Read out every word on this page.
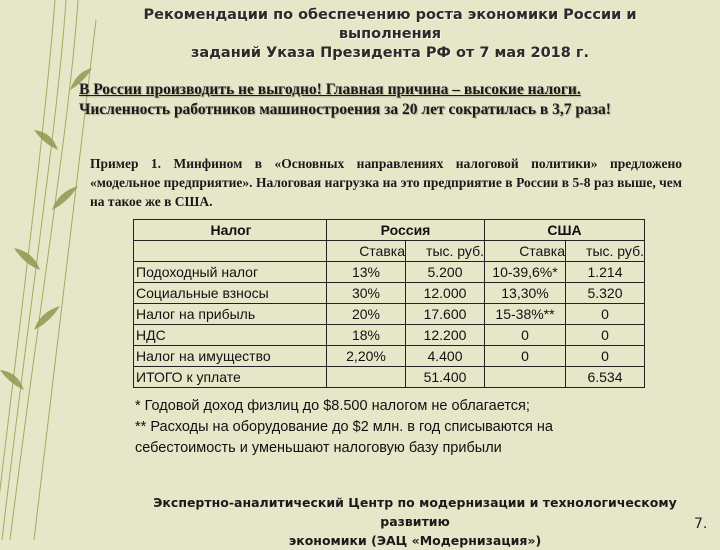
Рекомендации по обеспечению роста экономики России и выполнения
заданий Указа Президента РФ от 7 мая 2018 г.
В России производить не выгодно! Главная причина – высокие налоги.
Численность работников машиностроения за 20 лет сократилась в 3,7 раза!
Пример 1. Минфином в «Основных направлениях налоговой политики» предложено «модельное предприятие». Налоговая нагрузка на это предприятие в России в 5-8 раз выше, чем на такое же в США.
Налог	Россия		США	
	Ставка	тыс. руб.	Ставка	тыс. руб.
Подоходный налог	13%	5.200	10-39,6%*	1.214
Социальные взносы	30%	12.000	13,30%	5.320
Налог на прибыль	20%	17.600	15-38%**	0
НДС	18%	12.200	0	0
Налог на имущество	2,20%	4.400	0	0
ИТОГО к уплате		51.400		6.534

* Годовой доход физлиц до $8.500 налогом не облагается;

** Расходы на оборудование до $2 млн. в год списываются на себестоимость и уменьшают налоговую базу прибыли

Экспертно-аналитический Центр по модернизации и технологическому развитию
экономики (ЭАЦ «Модернизация»)
7.
